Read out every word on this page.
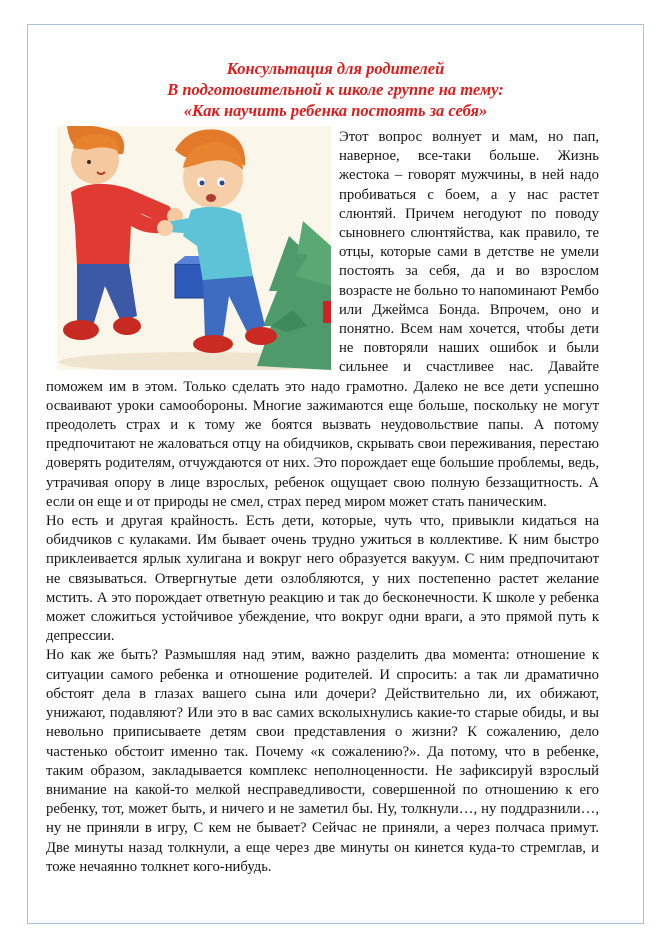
Консультация для родителей
В подготовительной к школе группе на тему:
«Как научить ребенка постоять за себя»

Этот вопрос волнует и мам, но пап, наверное, все-таки больше. Жизнь жестока – говорят мужчины, в ней надо пробиваться с боем, а у нас растет слюнтяй. Причем негодуют по поводу сыновнего слюнтяйства, как правило, те отцы, которые сами в детстве не умели постоять за себя, да и во взрослом возрасте не больно то напоминают Рембо или Джеймса Бонда. Впрочем, оно и понятно. Всем нам хочется, чтобы дети не повторяли наших ошибок и были сильнее и счастливее нас. Давайте поможем им в этом. Только сделать это надо грамотно. Далеко не все дети успешно осваивают уроки самообороны. Многие зажимаются еще больше, поскольку не могут преодолеть страх и к тому же боятся вызвать неудовольствие папы. А потому предпочитают не жаловаться отцу на обидчиков, скрывать свои переживания, перестаю доверять родителям, отчуждаются от них. Это порождает еще большие проблемы, ведь, утрачивая опору в лице взрослых, ребенок ощущает свою полную беззащитность. А если он еще и от природы не смел, страх перед миром может стать паническим.

Но есть и другая крайность. Есть дети, которые, чуть что, привыкли кидаться на обидчиков с кулаками. Им бывает очень трудно ужиться в коллективе. К ним быстро приклеивается ярлык хулигана и вокруг него образуется вакуум. С ним предпочитают не связываться. Отвергнутые дети озлобляются, у них постепенно растет желание мстить. А это порождает ответную реакцию и так до бесконечности. К школе у ребенка может сложиться устойчивое убеждение, что вокруг одни враги, а это прямой путь к депрессии.

Но как же быть? Размышляя над этим, важно разделить два момента: отношение к ситуации самого ребенка и отношение родителей. И спросить: а так ли драматично обстоят дела в глазах вашего сына или дочери? Действительно ли, их обижают, унижают, подавляют? Или это в вас самих всколыхнулись какие-то старые обиды, и вы невольно приписываете детям свои представления о жизни? К сожалению, дело частенько обстоит именно так. Почему «к сожалению?». Да потому, что в ребенке, таким образом, закладывается комплекс неполноценности. Не зафиксируй взрослый внимание на какой-то мелкой несправедливости, совершенной по отношению к его ребенку, тот, может быть, и ничего и не заметил бы. Ну, толкнули…, ну поддразнили…, ну не приняли в игру, С кем не бывает? Сейчас не приняли, а через полчаса примут. Две минуты назад толкнули, а еще через две минуты он кинется куда-то стремглав, и тоже нечаянно толкнет кого-нибудь.
